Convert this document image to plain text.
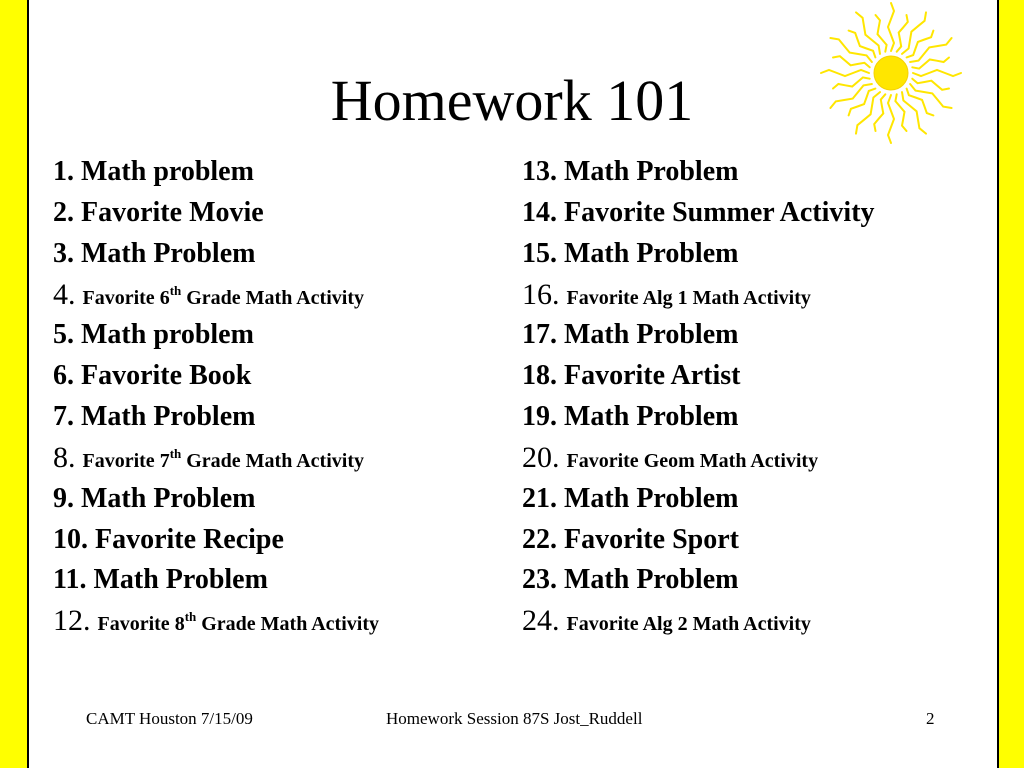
Homework 101
1. Math problem
2. Favorite Movie
3. Math Problem
4. Favorite 6th Grade Math Activity
5. Math problem
6. Favorite Book
7. Math Problem
8. Favorite 7th Grade Math Activity
9. Math Problem
10. Favorite Recipe
11. Math Problem
12. Favorite 8th Grade Math Activity
13. Math Problem
14. Favorite Summer Activity
15. Math Problem
16. Favorite Alg 1 Math Activity
17. Math Problem
18. Favorite Artist
19. Math Problem
20. Favorite Geom Math Activity
21. Math Problem
22. Favorite Sport
23. Math Problem
24. Favorite Alg 2 Math Activity
CAMT Houston 7/15/09	Homework Session 87S Jost_Ruddell	2
